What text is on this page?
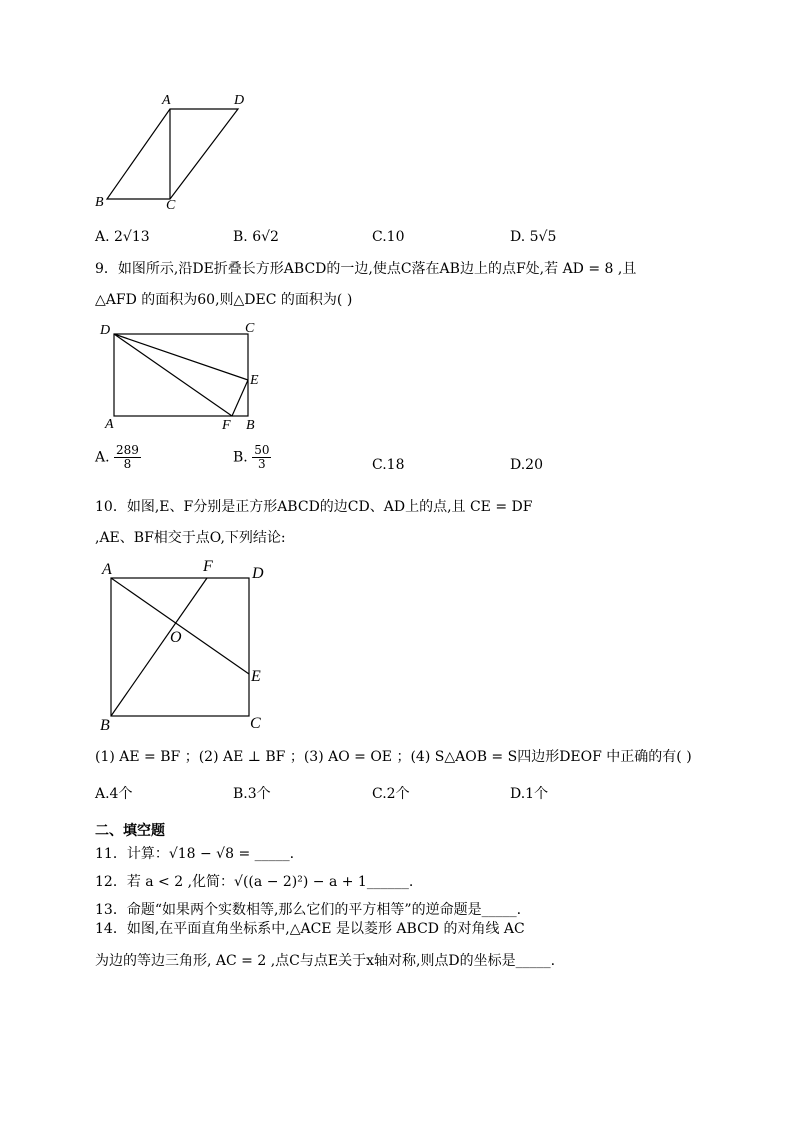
A	D
B	C
A. 2√13	B. 6√2	C.10	D. 5√5
9．如图所示,沿DE折叠长方形ABCD的一边,使点C落在AB边上的点F处,若 AD = 8 ,且
△AFD 的面积为60,则△DEC 的面积为( )
D	C
E
A	F B
A. $\frac{289}{8}$	B. $\frac{50}{3}$	C.18	D.20
10．如图,E、F分别是正方形ABCD的边CD、AD上的点,且 CE = DF
,AE、BF相交于点O,下列结论:
A	F D
O
E
B	C
(1) AE = BF ；(2) AE ⊥ BF ；(3) AO = OE ；(4) S△AOB = S四边形DEOF 中正确的有( )
A.4个	B.3个	C.2个	D.1个
二、填空题
11．计算：√18 − √8 = _____.
12．若 a < 2 ,化简：√((a − 2)²) − a + 1______.
13．命题“如果两个实数相等,那么它们的平方相等”的逆命题是_____.
14．如图,在平面直角坐标系中,△ACE 是以菱形 ABCD 的对角线 AC
为边的等边三角形, AC = 2 ,点C与点E关于x轴对称,则点D的坐标是_____.
